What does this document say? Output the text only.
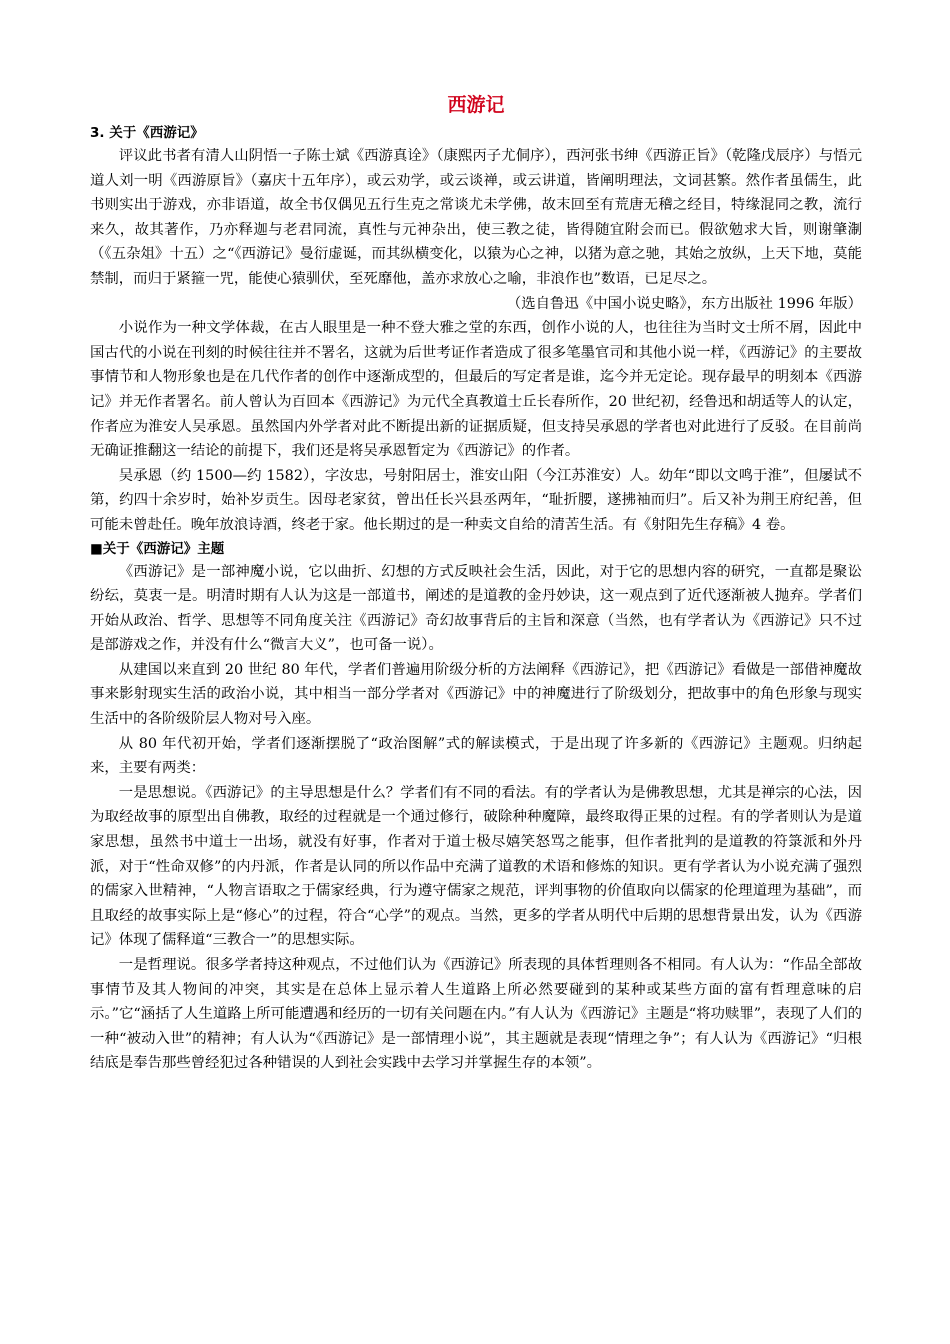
西游记
3. 关于《西游记》

评议此书者有清人山阴悟一子陈士斌《西游真诠》（康熙丙子尤侗序），西河张书绅《西游正旨》（乾隆戊辰序）与悟元道人刘一明《西游原旨》（嘉庆十五年序），或云劝学，或云谈禅，或云讲道，皆阐明理法，文词甚繁。然作者虽儒生，此书则实出于游戏，亦非语道，故全书仅偶见五行生克之常谈尤未学佛，故末回至有荒唐无稽之经目，特缘混同之教，流行来久，故其著作，乃亦释迦与老君同流，真性与元神杂出，使三教之徒，皆得随宜附会而已。假欲勉求大旨，则谢肇淛（《五杂俎》十五）之“《西游记》曼衍虚诞，而其纵横变化，以猿为心之神，以猪为意之驰，其始之放纵，上天下地，莫能禁制，而归于紧箍一咒，能使心猿驯伏，至死靡他，盖亦求放心之喻，非浪作也”数语，已足尽之。

（选自鲁迅《中国小说史略》，东方出版社 1996 年版）

小说作为一种文学体裁，在古人眼里是一种不登大雅之堂的东西，创作小说的人，也往往为当时文士所不屑，因此中国古代的小说在刊刻的时候往往并不署名，这就为后世考证作者造成了很多笔墨官司和其他小说一样，《西游记》的主要故事情节和人物形象也是在几代作者的创作中逐渐成型的，但最后的写定者是谁，迄今并无定论。现存最早的明刻本《西游记》并无作者署名。前人曾认为百回本《西游记》为元代全真教道士丘长春所作，20 世纪初，经鲁迅和胡适等人的认定，作者应为淮安人吴承恩。虽然国内外学者对此不断提出新的证据质疑，但支持吴承恩的学者也对此进行了反驳。在目前尚无确证推翻这一结论的前提下，我们还是将吴承恩暂定为《西游记》的作者。

吴承恩（约 1500—约 1582），字汝忠，号射阳居士，淮安山阳（今江苏淮安）人。幼年“即以文鸣于淮”，但屡试不第，约四十余岁时，始补岁贡生。因母老家贫，曾出任长兴县丞两年，“耻折腰，遂拂袖而归”。后又补为荆王府纪善，但可能未曾赴任。晚年放浪诗酒，终老于家。他长期过的是一种卖文自给的清苦生活。有《射阳先生存稿》4 卷。

■关于《西游记》主题

《西游记》是一部神魔小说，它以曲折、幻想的方式反映社会生活，因此，对于它的思想内容的研究，一直都是聚讼纷纭，莫衷一是。明清时期有人认为这是一部道书，阐述的是道教的金丹妙诀，这一观点到了近代逐渐被人抛弃。学者们开始从政治、哲学、思想等不同角度关注《西游记》奇幻故事背后的主旨和深意（当然，也有学者认为《西游记》只不过是部游戏之作，并没有什么“微言大义”，也可备一说）。

从建国以来直到 20 世纪 80 年代，学者们普遍用阶级分析的方法阐释《西游记》，把《西游记》看做是一部借神魔故事来影射现实生活的政治小说，其中相当一部分学者对《西游记》中的神魔进行了阶级划分，把故事中的角色形象与现实生活中的各阶级阶层人物对号入座。

从 80 年代初开始，学者们逐渐摆脱了“政治图解”式的解读模式，于是出现了许多新的《西游记》主题观。归纳起来，主要有两类：

一是思想说。《西游记》的主导思想是什么？学者们有不同的看法。有的学者认为是佛教思想，尤其是禅宗的心法，因为取经故事的原型出自佛教，取经的过程就是一个通过修行，破除种种魔障，最终取得正果的过程。有的学者则认为是道家思想，虽然书中道士一出场，就没有好事，作者对于道士极尽嬉笑怒骂之能事，但作者批判的是道教的符箓派和外丹派，对于“性命双修”的内丹派，作者是认同的所以作品中充满了道教的术语和修炼的知识。更有学者认为小说充满了强烈的儒家入世精神，“人物言语取之于儒家经典，行为遵守儒家之规范，评判事物的价值取向以儒家的伦理道理为基础”，而且取经的故事实际上是“修心”的过程，符合“心学”的观点。当然，更多的学者从明代中后期的思想背景出发，认为《西游记》体现了儒释道“三教合一”的思想实际。

一是哲理说。很多学者持这种观点，不过他们认为《西游记》所表现的具体哲理则各不相同。有人认为：“作品全部故事情节及其人物间的冲突，其实是在总体上显示着人生道路上所必然要碰到的某种或某些方面的富有哲理意味的启示。”它“涵括了人生道路上所可能遭遇和经历的一切有关问题在内。”有人认为《西游记》主题是“将功赎罪”，表现了人们的一种“被动入世”的精神；有人认为“《西游记》是一部情理小说”，其主题就是表现“情理之争”；有人认为《西游记》“归根结底是奉告那些曾经犯过各种错误的人到社会实践中去学习并掌握生存的本领”。
